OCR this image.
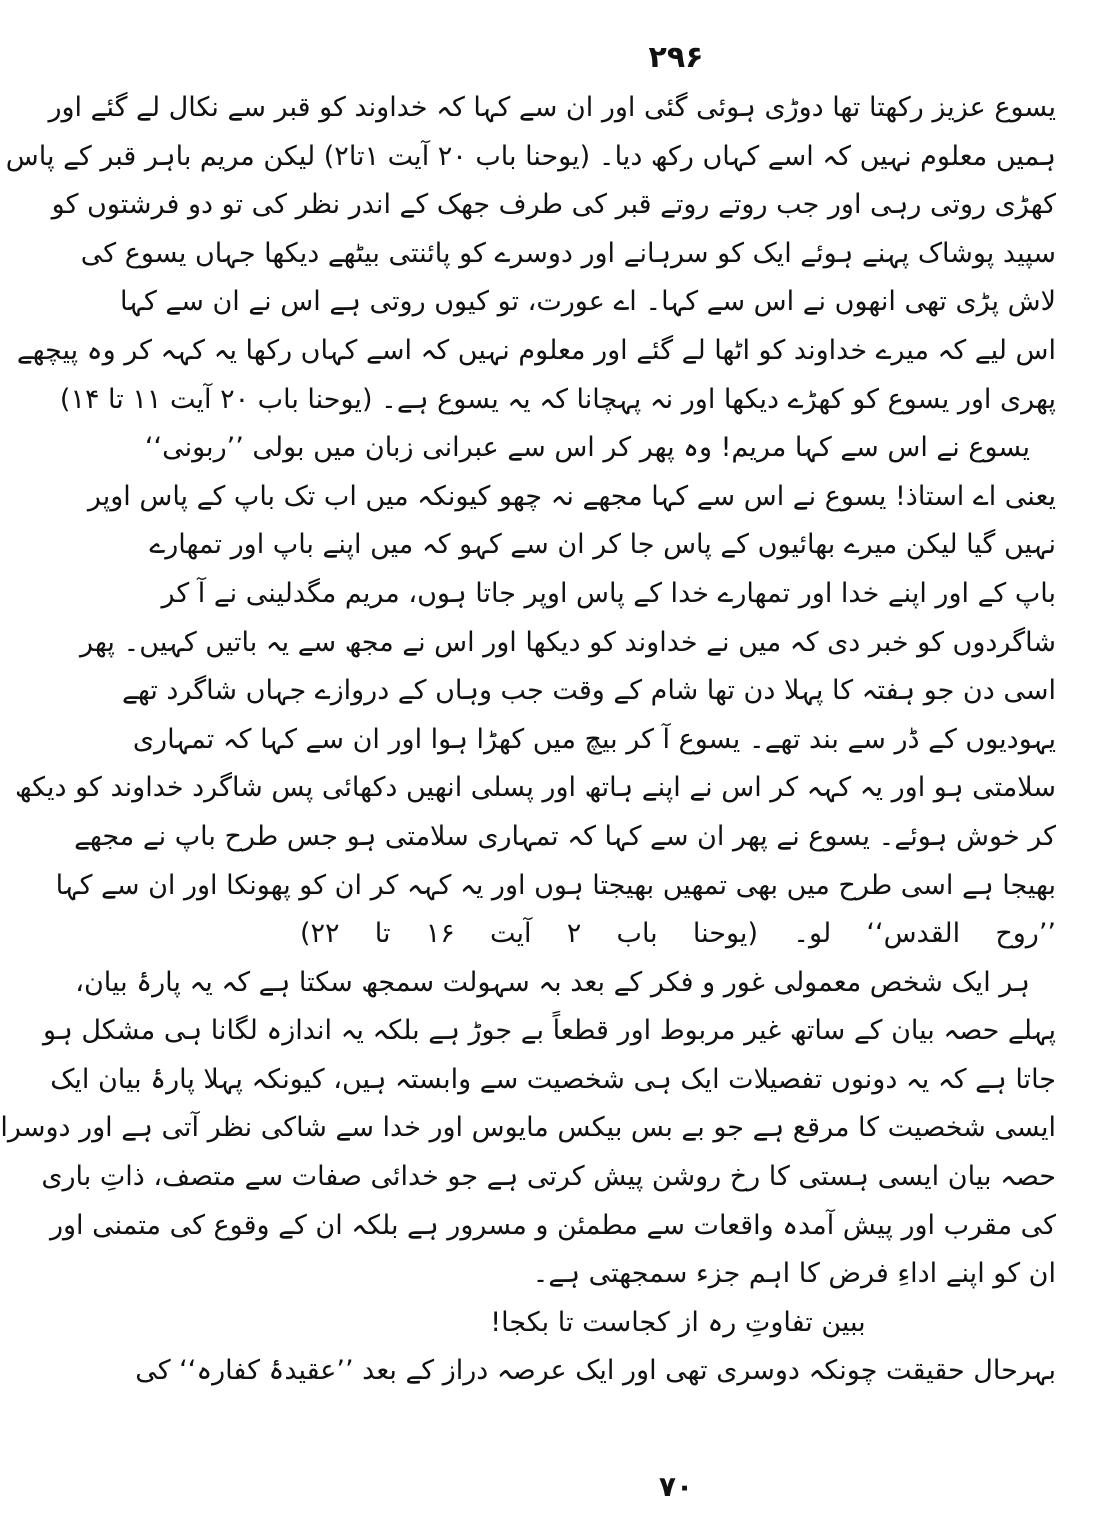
۲۹۶
یسوع عزیز رکھتا تھا دوڑی ہوئی گئی اور ان سے کہا کہ خداوند کو قبر سے نکال لے گئے اور
ہمیں معلوم نہیں کہ اسے کہاں رکھ دیا۔ (یوحنا باب ۲۰ آیت ۱تا۲) لیکن مریم باہر قبر کے پاس
کھڑی روتی رہی اور جب روتے روتے قبر کی طرف جھک کے اندر نظر کی تو دو فرشتوں کو
سپید پوشاک پہنے ہوئے ایک کو سرہانے اور دوسرے کو پائنتی بیٹھے دیکھا جہاں یسوع کی
لاش پڑی تھی انھوں نے اس سے کہا۔ اے عورت، تو کیوں روتی ہے اس نے ان سے کہا
اس لیے کہ میرے خداوند کو اٹھا لے گئے اور معلوم نہیں کہ اسے کہاں رکھا یہ کہہ کر وہ پیچھے
پھری اور یسوع کو کھڑے دیکھا اور نہ پہچانا کہ یہ یسوع ہے۔ (یوحنا باب ۲۰ آیت ۱۱ تا ۱۴)
یسوع نے اس سے کہا مریم! وہ پھر کر اس سے عبرانی زبان میں بولی ’’ربونی‘‘
یعنی اے استاذ! یسوع نے اس سے کہا مجھے نہ چھو کیونکہ میں اب تک باپ کے پاس اوپر
نہیں گیا لیکن میرے بھائیوں کے پاس جا کر ان سے کہو کہ میں اپنے باپ اور تمھارے
باپ کے اور اپنے خدا اور تمھارے خدا کے پاس اوپر جاتا ہوں، مریم مگدلینی نے آ کر
شاگردوں کو خبر دی کہ میں نے خداوند کو دیکھا اور اس نے مجھ سے یہ باتیں کہیں۔ پھر
اسی دن جو ہفتہ کا پہلا دن تھا شام کے وقت جب وہاں کے دروازے جہاں شاگرد تھے
یہودیوں کے ڈر سے بند تھے۔ یسوع آ کر بیچ میں کھڑا ہوا اور ان سے کہا کہ تمہاری
سلامتی ہو اور یہ کہہ کر اس نے اپنے ہاتھ اور پسلی انھیں دکھائی پس شاگرد خداوند کو دیکھ
کر خوش ہوئے۔ یسوع نے پھر ان سے کہا کہ تمہاری سلامتی ہو جس طرح باپ نے مجھے
بھیجا ہے اسی طرح میں بھی تمھیں بھیجتا ہوں اور یہ کہہ کر ان کو پھونکا اور ان سے کہا
’’روح القدس‘‘ لو۔ (یوحنا باب ۲ آیت ۱۶ تا ۲۲)
ہر ایک شخص معمولی غور و فکر کے بعد بہ سہولت سمجھ سکتا ہے کہ یہ پارۂ بیان،
پہلے حصہ بیان کے ساتھ غیر مربوط اور قطعاً بے جوڑ ہے بلکہ یہ اندازہ لگانا ہی مشکل ہو
جاتا ہے کہ یہ دونوں تفصیلات ایک ہی شخصیت سے وابستہ ہیں، کیونکہ پہلا پارۂ بیان ایک
ایسی شخصیت کا مرقع ہے جو بے بس بیکس مایوس اور خدا سے شاکی نظر آتی ہے اور دوسرا
حصہ بیان ایسی ہستی کا رخ روشن پیش کرتی ہے جو خدائی صفات سے متصف، ذاتِ باری
کی مقرب اور پیش آمدہ واقعات سے مطمئن و مسرور ہے بلکہ ان کے وقوع کی متمنی اور
ان کو اپنے اداءِ فرض کا اہم جزء سمجھتی ہے۔
ببین تفاوتِ رہ از کجاست تا بکجا!
بہرحال حقیقت چونکہ دوسری تھی اور ایک عرصہ دراز کے بعد ’’عقیدۂ کفارہ‘‘ کی
۷۰
